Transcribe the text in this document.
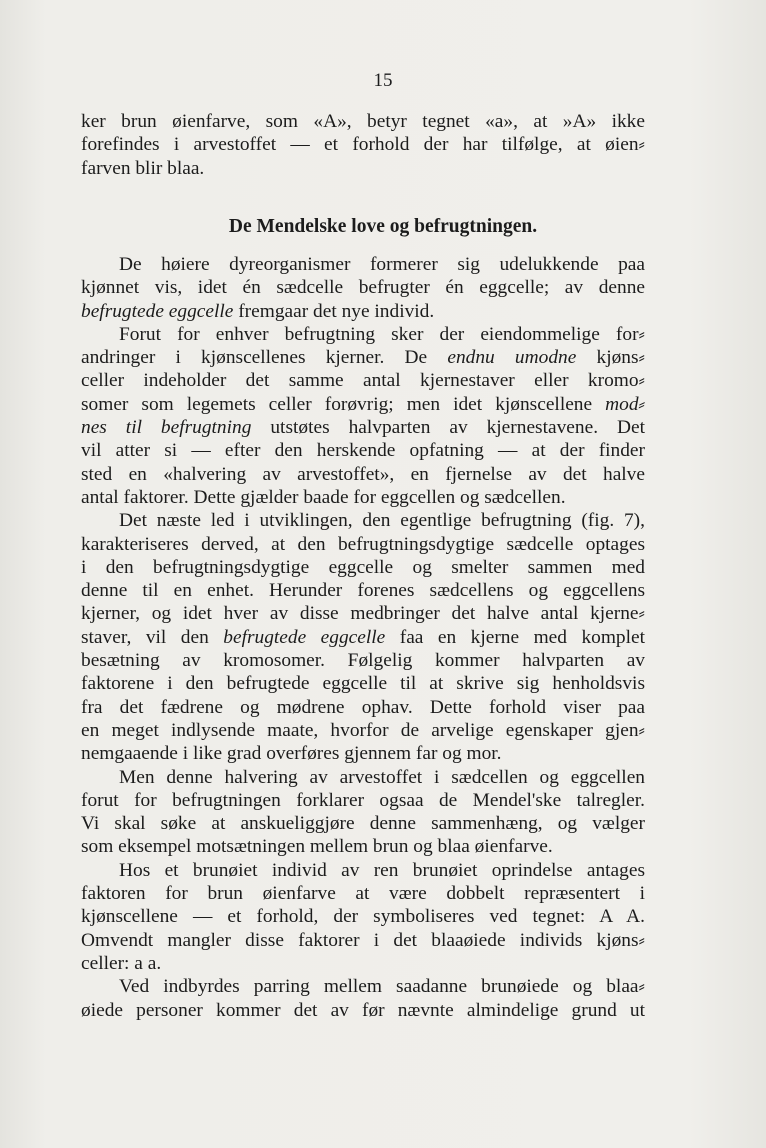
15
ker brun øienfarve, som «A», betyr tegnet «a», at »A» ikke
forefindes i arvestoffet — et forhold der har tilfølge, at øien⸗
farven blir blaa.
De Mendelske love og befrugtningen.
De høiere dyreorganismer formerer sig udelukkende paa
kjønnet vis, idet én sædcelle befrugter én eggcelle; av denne
befrugtede eggcelle fremgaar det nye individ.
Forut for enhver befrugtning sker der eiendommelige for⸗
andringer i kjønscellenes kjerner. De endnu umodne kjøns⸗
celler indeholder det samme antal kjernestaver eller kromo⸗
somer som legemets celler forøvrig; men idet kjønscellene mod⸗
nes til befrugtning utstøtes halvparten av kjernestavene. Det
vil atter si — efter den herskende opfatning — at der finder
sted en «halvering av arvestoffet», en fjernelse av det halve
antal faktorer. Dette gjælder baade for eggcellen og sædcellen.
Det næste led i utviklingen, den egentlige befrugtning (fig. 7),
karakteriseres derved, at den befrugtningsdygtige sædcelle optages
i den befrugtningsdygtige eggcelle og smelter sammen med
denne til en enhet. Herunder forenes sædcellens og eggcellens
kjerner, og idet hver av disse medbringer det halve antal kjerne⸗
staver, vil den befrugtede eggcelle faa en kjerne med komplet
besætning av kromosomer. Følgelig kommer halvparten av
faktorene i den befrugtede eggcelle til at skrive sig henholdsvis
fra det fædrene og mødrene ophav. Dette forhold viser paa
en meget indlysende maate, hvorfor de arvelige egenskaper gjen⸗
nemgaaende i like grad overføres gjennem far og mor.
Men denne halvering av arvestoffet i sædcellen og eggcellen
forut for befrugtningen forklarer ogsaa de Mendel'ske talregler.
Vi skal søke at anskueliggjøre denne sammenhæng, og vælger
som eksempel motsætningen mellem brun og blaa øienfarve.
Hos et brunøiet individ av ren brunøiet oprindelse antages
faktoren for brun øienfarve at være dobbelt repræsentert i
kjønscellene — et forhold, der symboliseres ved tegnet: A A.
Omvendt mangler disse faktorer i det blaaøiede individs kjøns⸗
celler: a a.
Ved indbyrdes parring mellem saadanne brunøiede og blaa⸗
øiede personer kommer det av før nævnte almindelige grund ut
